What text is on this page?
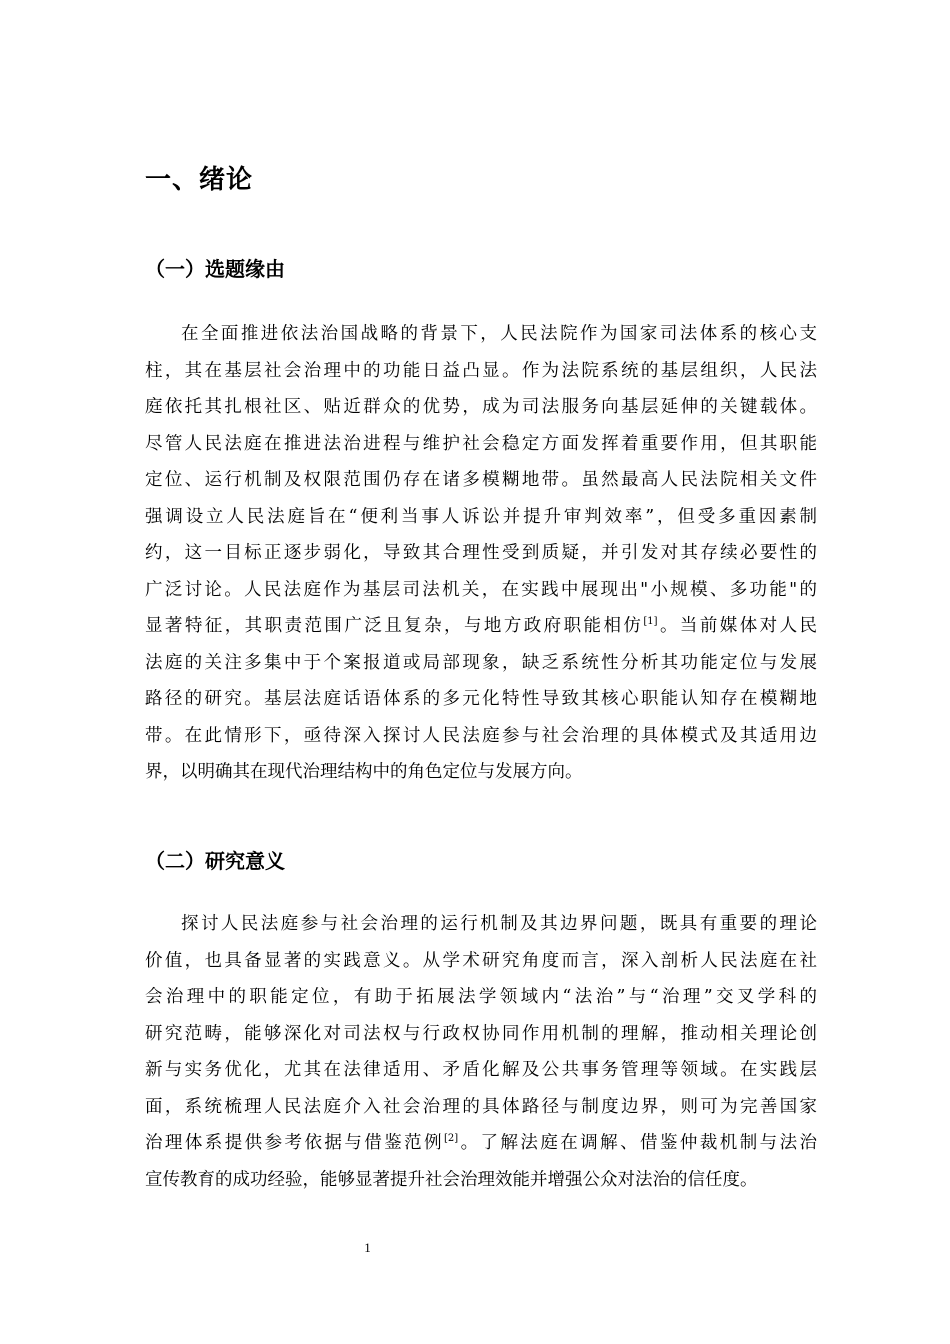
一、绪论
（一）选题缘由
在全面推进依法治国战略的背景下，人民法院作为国家司法体系的核心支
柱，其在基层社会治理中的功能日益凸显。作为法院系统的基层组织，人民法
庭依托其扎根社区、贴近群众的优势，成为司法服务向基层延伸的关键载体。
尽管人民法庭在推进法治进程与维护社会稳定方面发挥着重要作用，但其职能
定位、运行机制及权限范围仍存在诸多模糊地带。虽然最高人民法院相关文件
强调设立人民法庭旨在“便利当事人诉讼并提升审判效率”，但受多重因素制
约，这一目标正逐步弱化，导致其合理性受到质疑，并引发对其存续必要性的
广泛讨论。人民法庭作为基层司法机关，在实践中展现出"小规模、多功能"的
显著特征，其职责范围广泛且复杂，与地方政府职能相仿[1]。当前媒体对人民
法庭的关注多集中于个案报道或局部现象，缺乏系统性分析其功能定位与发展
路径的研究。基层法庭话语体系的多元化特性导致其核心职能认知存在模糊地
带。在此情形下，亟待深入探讨人民法庭参与社会治理的具体模式及其适用边
界，以明确其在现代治理结构中的角色定位与发展方向。
（二）研究意义
探讨人民法庭参与社会治理的运行机制及其边界问题，既具有重要的理论
价值，也具备显著的实践意义。从学术研究角度而言，深入剖析人民法庭在社
会治理中的职能定位，有助于拓展法学领域内“法治”与“治理”交叉学科的
研究范畴，能够深化对司法权与行政权协同作用机制的理解，推动相关理论创
新与实务优化，尤其在法律适用、矛盾化解及公共事务管理等领域。在实践层
面，系统梳理人民法庭介入社会治理的具体路径与制度边界，则可为完善国家
治理体系提供参考依据与借鉴范例[2]。了解法庭在调解、借鉴仲裁机制与法治
宣传教育的成功经验，能够显著提升社会治理效能并增强公众对法治的信任度。
1
